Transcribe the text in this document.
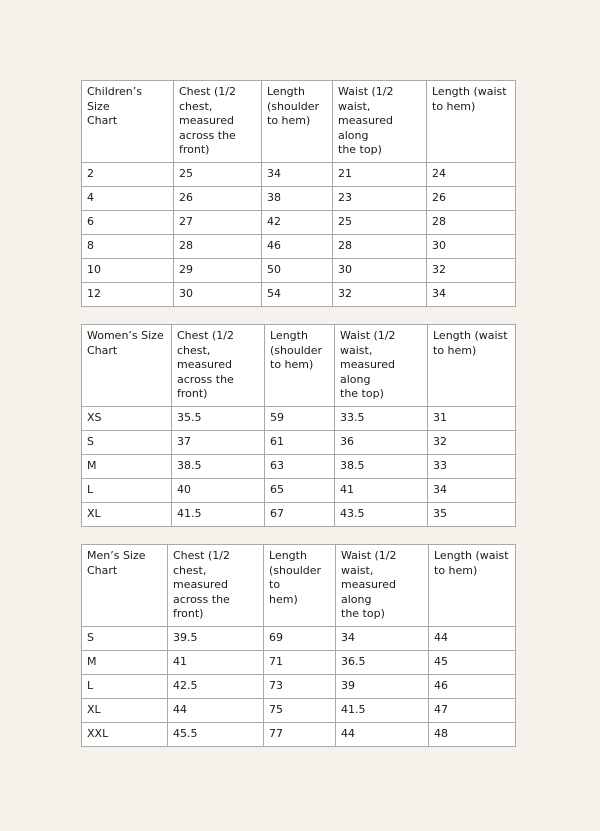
Children’s Size
Chart	Chest (1/2
chest,
measured
across the
front)	Length
(shoulder
to hem)	Waist (1/2 waist,
measured along
the top)	Length (waist
to hem)
2	25	34	21	24
4	26	38	23	26
6	27	42	25	28
8	28	46	28	30
10	29	50	30	32
12	30	54	32	34
Women’s Size
Chart	Chest (1/2
chest,
measured
across the
front)	Length
(shoulder
to hem)	Waist (1/2 waist,
measured along
the top)	Length (waist
to hem)
XS	35.5	59	33.5	31
S	37	61	36	32
M	38.5	63	38.5	33
L	40	65	41	34
XL	41.5	67	43.5	35
Men’s Size
Chart	Chest (1/2
chest, measured
across the
front)	Length
(shoulder to
hem)	Waist (1/2 waist,
measured along
the top)	Length (waist
to hem)
S	39.5	69	34	44
M	41	71	36.5	45
L	42.5	73	39	46
XL	44	75	41.5	47
XXL	45.5	77	44	48
